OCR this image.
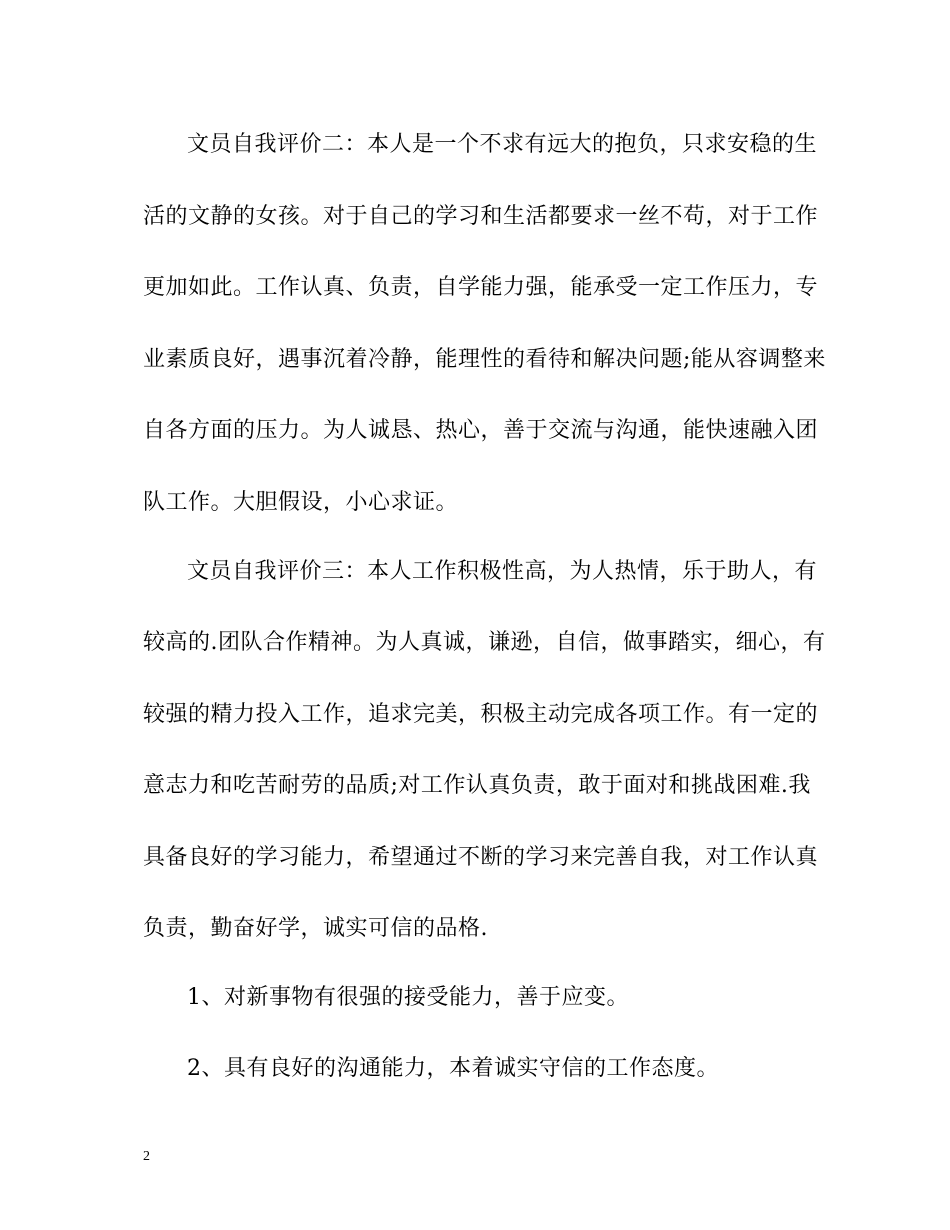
文员自我评价二：本人是一个不求有远大的抱负，只求安稳的生
活的文静的女孩。对于自己的学习和生活都要求一丝不苟，对于工作
更加如此。工作认真、负责，自学能力强，能承受一定工作压力，专
业素质良好，遇事沉着冷静，能理性的看待和解决问题;能从容调整来
自各方面的压力。为人诚恳、热心，善于交流与沟通，能快速融入团
队工作。大胆假设，小心求证。
文员自我评价三：本人工作积极性高，为人热情，乐于助人，有
较高的.团队合作精神。为人真诚，谦逊，自信，做事踏实，细心，有
较强的精力投入工作，追求完美，积极主动完成各项工作。有一定的
意志力和吃苦耐劳的品质;对工作认真负责，敢于面对和挑战困难.我
具备良好的学习能力，希望通过不断的学习来完善自我，对工作认真
负责，勤奋好学，诚实可信的品格.
1、对新事物有很强的接受能力，善于应变。
2、具有良好的沟通能力，本着诚实守信的工作态度。
2
